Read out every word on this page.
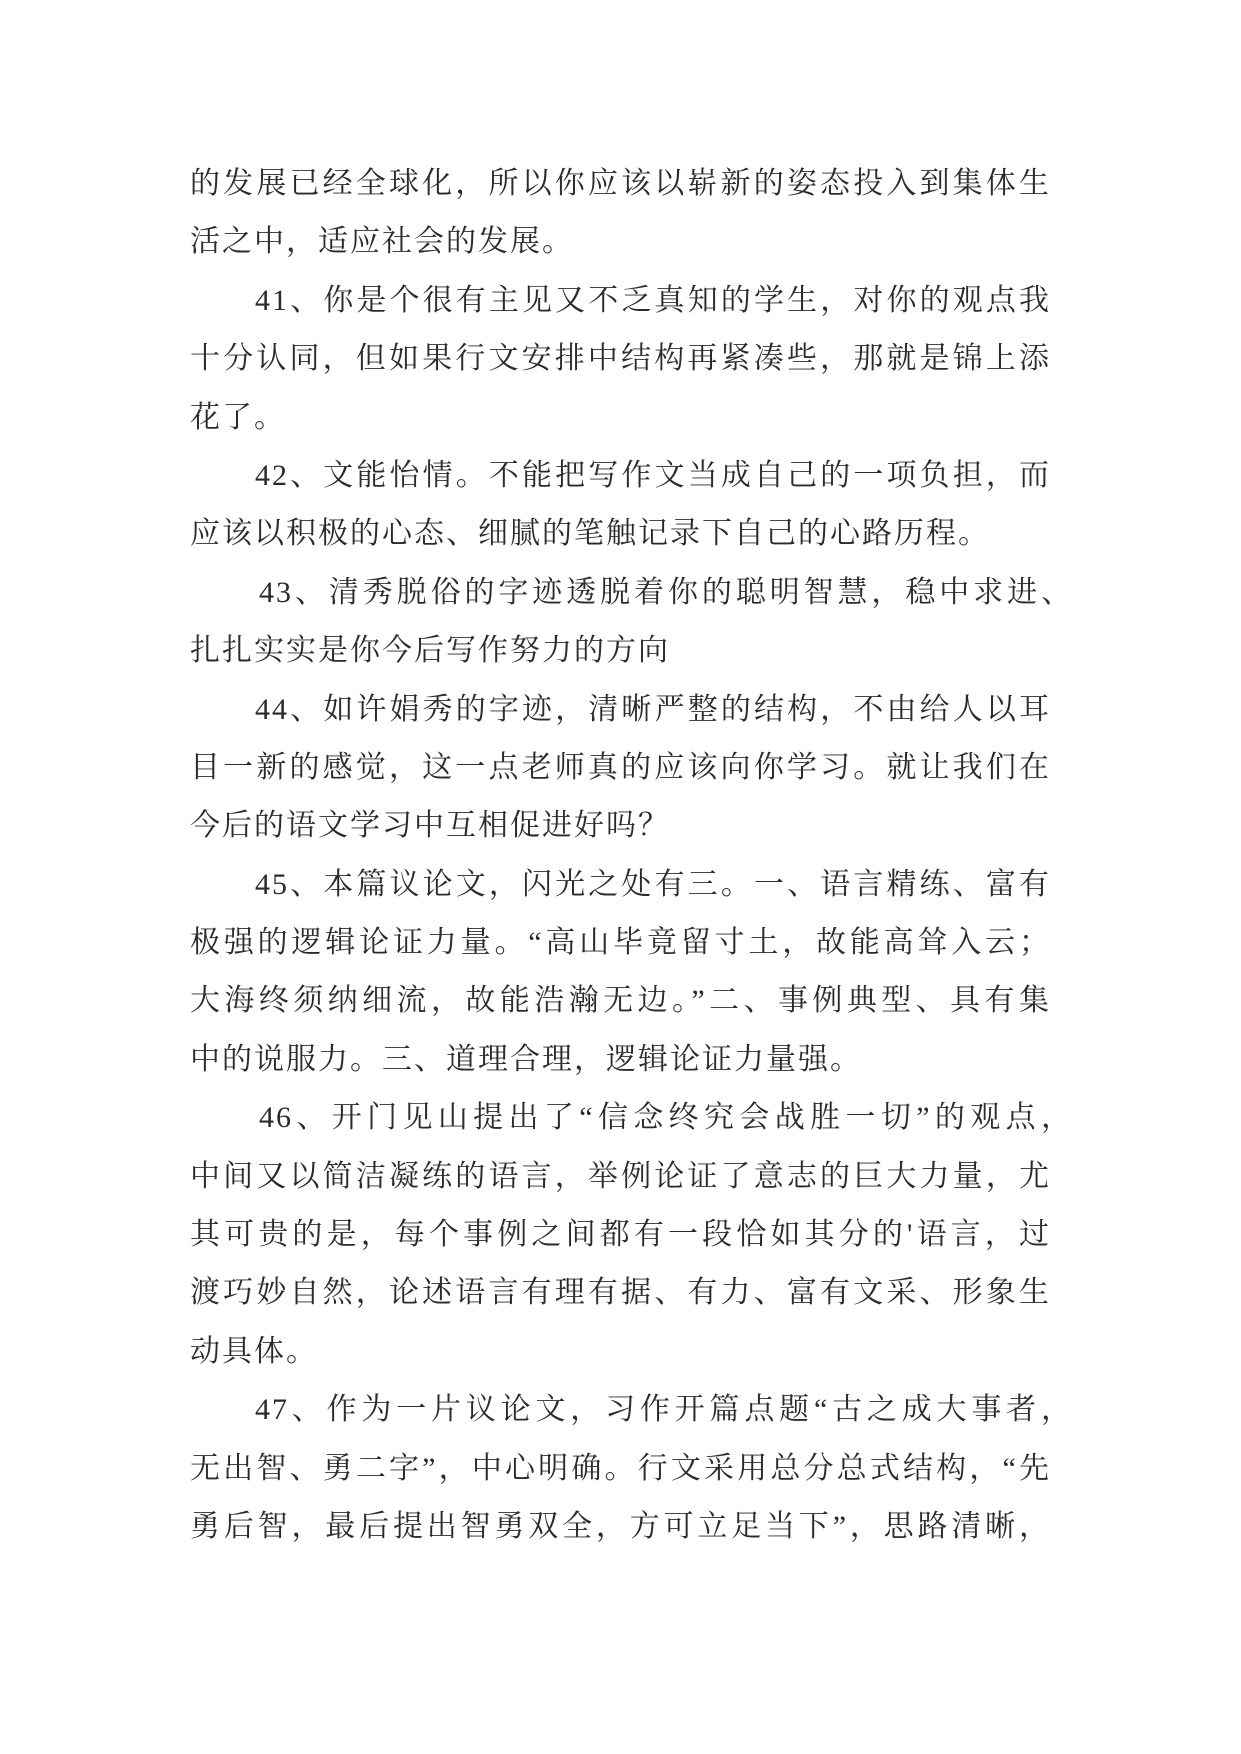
的发展已经全球化，所以你应该以崭新的姿态投入到集体生
活之中，适应社会的发展。
41、你是个很有主见又不乏真知的学生，对你的观点我
十分认同，但如果行文安排中结构再紧凑些，那就是锦上添
花了。
42、文能怡情。不能把写作文当成自己的一项负担，而
应该以积极的心态、细腻的笔触记录下自己的心路历程。
43、清秀脱俗的字迹透脱着你的聪明智慧，稳中求进、
扎扎实实是你今后写作努力的方向
44、如许娟秀的字迹，清晰严整的结构，不由给人以耳
目一新的感觉，这一点老师真的应该向你学习。就让我们在
今后的语文学习中互相促进好吗？
45、本篇议论文，闪光之处有三。一、语言精练、富有
极强的逻辑论证力量。“高山毕竟留寸土，故能高耸入云；
大海终须纳细流，故能浩瀚无边。”二、事例典型、具有集
中的说服力。三、道理合理，逻辑论证力量强。
46、开门见山提出了“信念终究会战胜一切”的观点，
中间又以简洁凝练的语言，举例论证了意志的巨大力量，尤
其可贵的是，每个事例之间都有一段恰如其分的'语言，过
渡巧妙自然，论述语言有理有据、有力、富有文采、形象生
动具体。
47、作为一片议论文，习作开篇点题“古之成大事者，
无出智、勇二字”，中心明确。行文采用总分总式结构，“先
勇后智，最后提出智勇双全，方可立足当下”，思路清晰，
